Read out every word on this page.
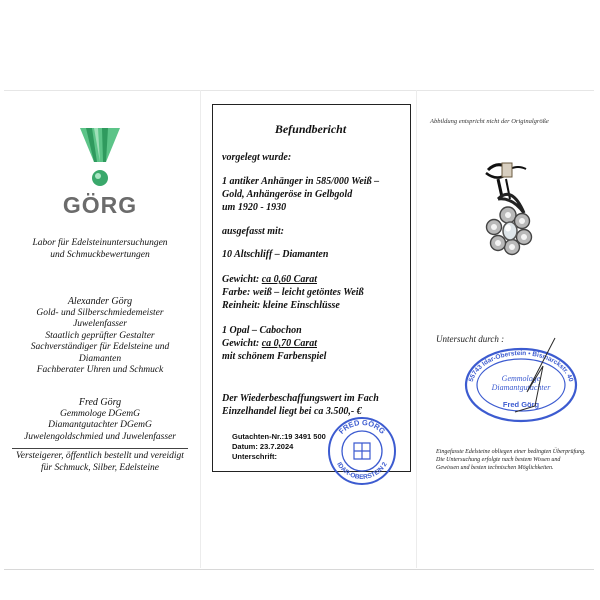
GÖRG
Labor für Edelsteinuntersuchungen
und Schmuckbewertungen
Alexander Görg
Gold- und Silberschmiedemeister
Juwelenfasser
Staatlich geprüfter Gestalter
Sachverständiger für Edelsteine und Diamanten
Fachberater Uhren und Schmuck
Fred Görg
Gemmologe DGemG
Diamantgutachter DGemG
Juwelengoldschmied und Juwelenfasser
Versteigerer, öffentlich bestellt und vereidigt
für Schmuck, Silber, Edelsteine
Befundbericht
vorgelegt wurde:
1 antiker Anhänger in 585/000 Weiß –
Gold, Anhängeröse in Gelbgold
um 1920 - 1930
ausgefasst mit:
10 Altschliff – Diamanten
Gewicht: ca 0,60 Carat
Farbe: weiß – leicht getöntes Weiß
Reinheit: kleine Einschlüsse
1 Opal – Cabochon
Gewicht: ca 0,70 Carat
mit schönem Farbenspiel
Der Wiederbeschaffungswert im Fach
Einzelhandel liegt bei ca 3.500,- €
Gutachten-Nr.:19 3491 500
Datum: 23.7.2024
Unterschrift:
FRED GÖRG
IDAR-OBERSTEIN 2
Abbildung entspricht nicht der Originalgröße
Untersucht durch :
55743 Idar-Oberstein • Bismarckstr. 40
Gemmologe
Diamantgutachter
Fred Görg
Eingefasste Edelsteine obliegen einer bedingten Überprüfung.
Die Untersuchung erfolgte nach bestem Wissen und
Gewissen und besten technischen Möglichkeiten.
